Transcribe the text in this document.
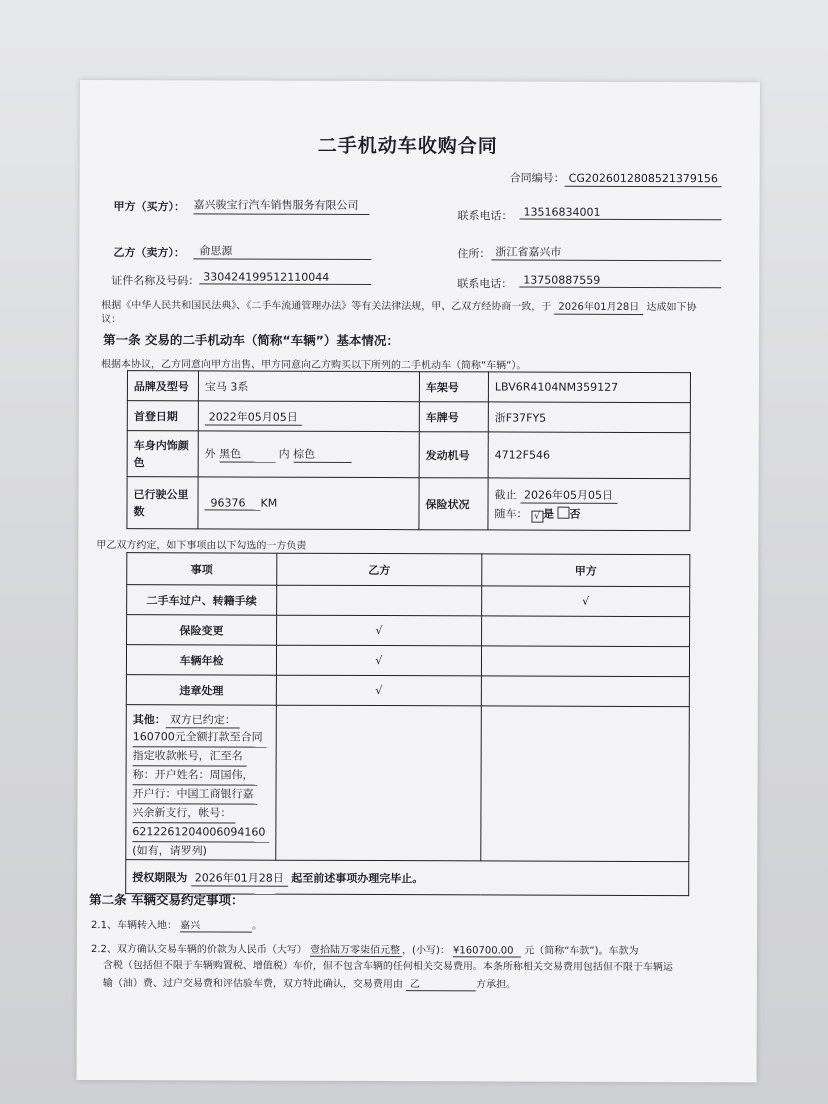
二手机动车收购合同
合同编号： CG2026012808521379156
甲方（买方）： 嘉兴骏宝行汽车销售服务有限公司
联系电话： 13516834001
乙方（卖方）：	俞思源	住所： 浙江省嘉兴市
证件名称及号码： 330424199512110044
联系电话： 13750887559
根据《中华人民共和国民法典》、《二手车流通管理办法》等有关法律法规，甲、乙双方经协商一致，于 2026年01月28日 达成如下协
议：
第一条 交易的二手机动车（简称“车辆”）基本情况：
根据本协议，乙方同意向甲方出售、甲方同意向乙方购买以下所列的二手机动车（简称“车辆”）。
品牌及型号	宝马 3系	车架号	LBV6R4104NM359127
首登日期	2022年05月05日	车牌号	浙F37FY5
车身内饰颜色	外 黑色 内 棕色	发动机号	4712F546
已行驶公里数	96376 KM	保险状况	截止 2026年05月05日
随车： √ 是 否
甲乙双方约定，如下事项由以下勾选的一方负责
事项	乙方	甲方
二手车过户、转籍手续		√
保险变更	√	
车辆年检	√	
违章处理	√	

其他： 双方已约定：
160700元全额打款至合同 指定收款帐号，汇至名 称：开户姓名：周国伟， 开户行：中国工商银行嘉 兴余新支行，帐号： 6212261204006094160
(如有，请罗列)		

授权期限为 2026年01月28日 起至前述事项办理完毕止。		
第二条 车辆交易约定事项：
2.1、车辆转入地： 嘉兴	。
2.2、双方确认交易车辆的价款为人民币（大写） 壹拾陆万零柒佰元整 ，(小写)： ¥160700.00 元（简称“车款”)。车款为
含税（包括但不限于车辆购置税、增值税）车价，但不包含车辆的任何相关交易费用。本条所称相关交易费用包括但不限于车辆运
输（油）费、过户交易费和评估验车费，双方特此确认，交易费用由 乙	方承担。
